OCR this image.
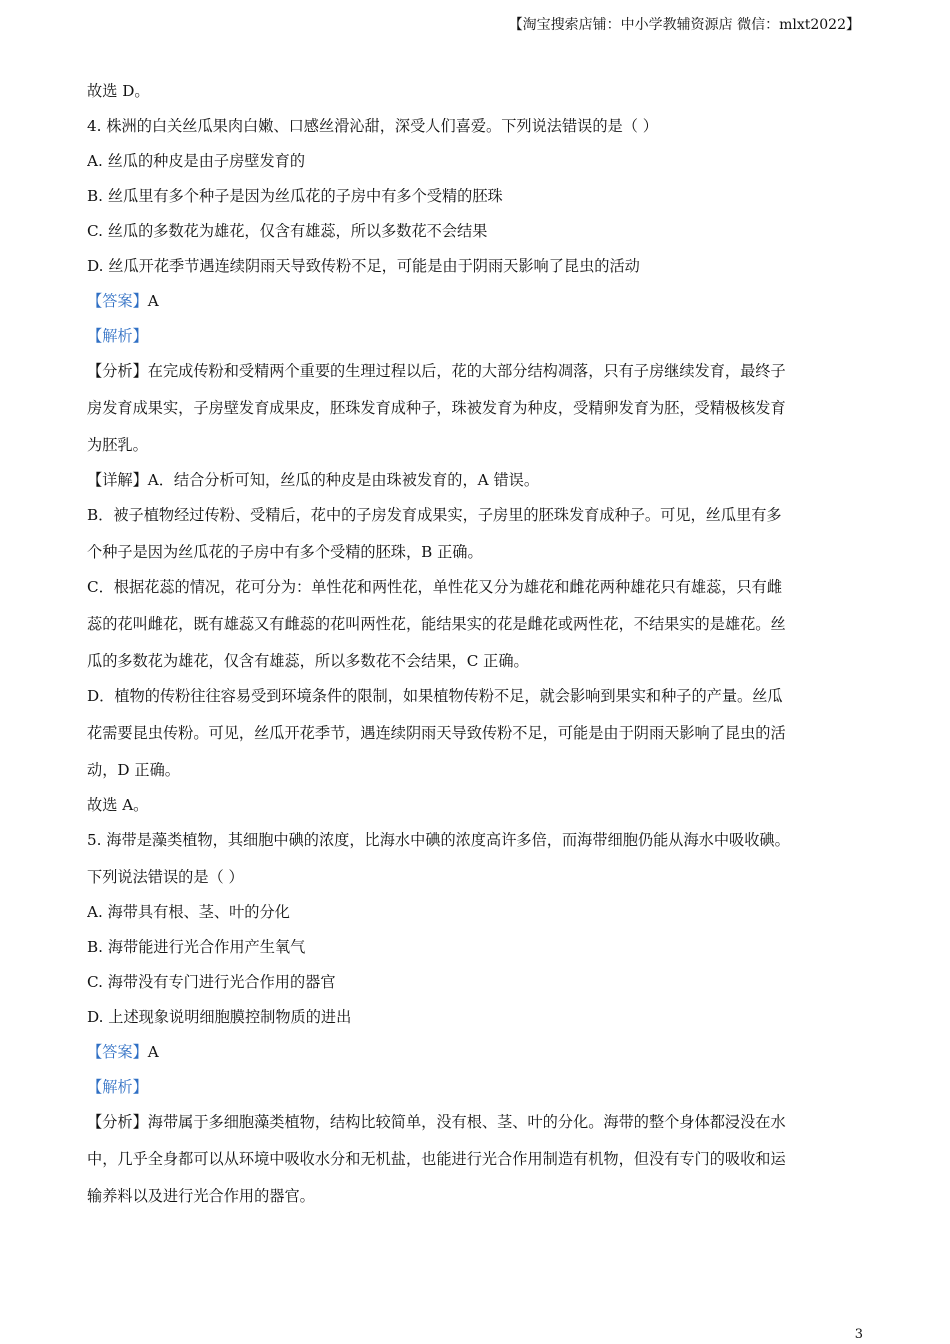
【淘宝搜索店铺：中小学教辅资源店 微信：mlxt2022】
故选 D。
4. 株洲的白关丝瓜果肉白嫩、口感丝滑沁甜，深受人们喜爱。下列说法错误的是（ ）
A. 丝瓜的种皮是由子房壁发育的
B. 丝瓜里有多个种子是因为丝瓜花的子房中有多个受精的胚珠
C. 丝瓜的多数花为雄花，仅含有雄蕊，所以多数花不会结果
D. 丝瓜开花季节遇连续阴雨天导致传粉不足，可能是由于阴雨天影响了昆虫的活动
【答案】A
【解析】
【分析】在完成传粉和受精两个重要的生理过程以后，花的大部分结构凋落，只有子房继续发育，最终子
房发育成果实，子房壁发育成果皮，胚珠发育成种子，珠被发育为种皮，受精卵发育为胚，受精极核发育
为胚乳。
【详解】A．结合分析可知，丝瓜的种皮是由珠被发育的，A 错误。
B．被子植物经过传粉、受精后，花中的子房发育成果实，子房里的胚珠发育成种子。可见，丝瓜里有多
个种子是因为丝瓜花的子房中有多个受精的胚珠，B 正确。
C．根据花蕊的情况，花可分为：单性花和两性花，单性花又分为雄花和雌花两种雄花只有雄蕊，只有雌
蕊的花叫雌花，既有雄蕊又有雌蕊的花叫两性花，能结果实的花是雌花或两性花，不结果实的是雄花。丝
瓜的多数花为雄花，仅含有雄蕊，所以多数花不会结果，C 正确。
D．植物的传粉往往容易受到环境条件的限制，如果植物传粉不足，就会影响到果实和种子的产量。丝瓜
花需要昆虫传粉。可见，丝瓜开花季节，遇连续阴雨天导致传粉不足，可能是由于阴雨天影响了昆虫的活
动，D 正确。
故选 A。
5. 海带是藻类植物，其细胞中碘的浓度，比海水中碘的浓度高许多倍，而海带细胞仍能从海水中吸收碘。
下列说法错误的是（ ）
A. 海带具有根、茎、叶的分化
B. 海带能进行光合作用产生氧气
C. 海带没有专门进行光合作用的器官
D. 上述现象说明细胞膜控制物质的进出
【答案】A
【解析】
【分析】海带属于多细胞藻类植物，结构比较简单，没有根、茎、叶的分化。海带的整个身体都浸没在水
中，几乎全身都可以从环境中吸收水分和无机盐，也能进行光合作用制造有机物，但没有专门的吸收和运
输养料以及进行光合作用的器官。
3
